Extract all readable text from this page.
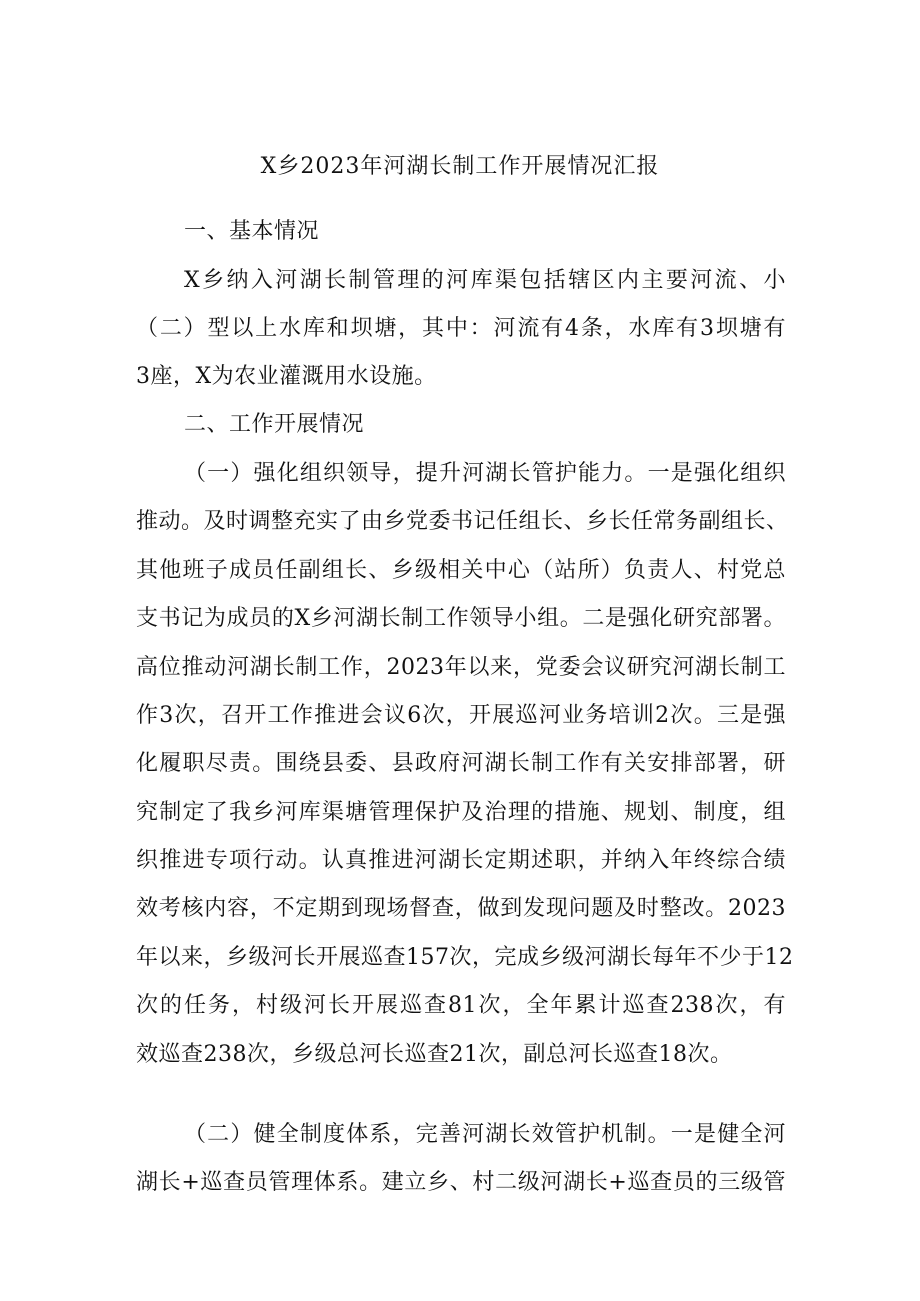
X乡2023年河湖长制工作开展情况汇报
一、基本情况
X乡纳入河湖长制管理的河库渠包括辖区内主要河流、小
（二）型以上水库和坝塘，其中：河流有4条，水库有3坝塘有
3座，X为农业灌溉用水设施。
二、工作开展情况
（一）强化组织领导，提升河湖长管护能力。一是强化组织
推动。及时调整充实了由乡党委书记任组长、乡长任常务副组长、
其他班子成员任副组长、乡级相关中心（站所）负责人、村党总
支书记为成员的X乡河湖长制工作领导小组。二是强化研究部署。
高位推动河湖长制工作，2023年以来，党委会议研究河湖长制工
作3次，召开工作推进会议6次，开展巡河业务培训2次。三是强
化履职尽责。围绕县委、县政府河湖长制工作有关安排部署，研
究制定了我乡河库渠塘管理保护及治理的措施、规划、制度，组
织推进专项行动。认真推进河湖长定期述职，并纳入年终综合绩
效考核内容，不定期到现场督查，做到发现问题及时整改。2023
年以来，乡级河长开展巡查157次，完成乡级河湖长每年不少于12
次的任务，村级河长开展巡查81次，全年累计巡查238次，有
效巡查238次，乡级总河长巡查21次，副总河长巡查18次。
（二）健全制度体系，完善河湖长效管护机制。一是健全河
湖长+巡查员管理体系。建立乡、村二级河湖长+巡查员的三级管
